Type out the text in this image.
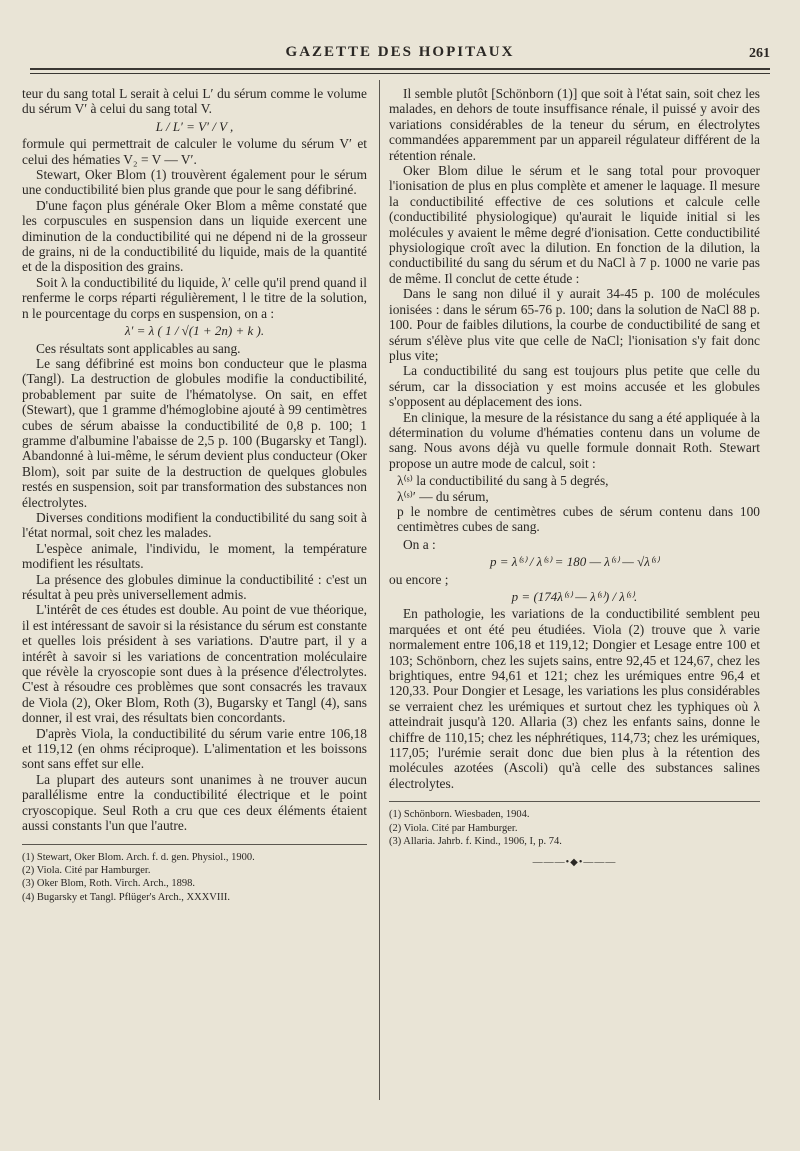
GAZETTE DES HOPITAUX	261

teur du sang total L serait à celui L′ du sérum comme le volume du sérum V′ à celui du sang total V.

L / L′ = V′ / V ,

formule qui permettrait de calculer le volume du sérum V′ et celui des hématies V₂ = V — V′.

Stewart, Oker Blom (1) trouvèrent également pour le sérum une conductibilité bien plus grande que pour le sang défibriné.

D'une façon plus générale Oker Blom a même constaté que les corpuscules en suspension dans un liquide exercent une diminution de la conductibilité qui ne dépend ni de la grosseur de grains, ni de la conductibilité du liquide, mais de la quantité et de la disposition des grains.

Soit λ la conductibilité du liquide, λ′ celle qu'il prend quand il renferme le corps réparti régulièrement, l le titre de la solution, n le pourcentage du corps en suspension, on a :

λ′ = λ ( 1 / √(1 + 2n) + k ).

Ces résultats sont applicables au sang.

Le sang défibriné est moins bon conducteur que le plasma (Tangl). La destruction de globules modifie la conductibilité, probablement par suite de l'hématolyse. On sait, en effet (Stewart), que 1 gramme d'hémoglobine ajouté à 99 centimètres cubes de sérum abaisse la conductibilité de 0,8 p. 100; 1 gramme d'albumine l'abaisse de 2,5 p. 100 (Bugarsky et Tangl). Abandonné à lui-même, le sérum devient plus conducteur (Oker Blom), soit par suite de la destruction de quelques globules restés en suspension, soit par transformation des substances non électrolytes.

Diverses conditions modifient la conductibilité du sang soit à l'état normal, soit chez les malades.

L'espèce animale, l'individu, le moment, la température modifient les résultats.

La présence des globules diminue la conductibilité : c'est un résultat à peu près universellement admis.

L'intérêt de ces études est double. Au point de vue théorique, il est intéressant de savoir si la résistance du sérum est constante et quelles lois président à ses variations. D'autre part, il y a intérêt à savoir si les variations de concentration moléculaire que révèle la cryoscopie sont dues à la présence d'électrolytes. C'est à résoudre ces problèmes que sont consacrés les travaux de Viola (2), Oker Blom, Roth (3), Bugarsky et Tangl (4), sans donner, il est vrai, des résultats bien concordants.

D'après Viola, la conductibilité du sérum varie entre 106,18 et 119,12 (en ohms réciproque). L'alimentation et les boissons sont sans effet sur elle.

La plupart des auteurs sont unanimes à ne trouver aucun parallélisme entre la conductibilité électrique et le point cryoscopique. Seul Roth a cru que ces deux éléments étaient aussi constants l'un que l'autre.

(1) Stewart, Oker Blom. Arch. f. d. gen. Physiol., 1900.

(2) Viola. Cité par Hamburger.

(3) Oker Blom, Roth. Virch. Arch., 1898.

(4) Bugarsky et Tangl. Pflüger's Arch., XXXVIII.

Il semble plutôt [Schönborn (1)] que soit à l'état sain, soit chez les malades, en dehors de toute insuffisance rénale, il puissé y avoir des variations considérables de la teneur du sérum, en électrolytes commandées apparemment par un appareil régulateur différent de la rétention rénale.

Oker Blom dilue le sérum et le sang total pour provoquer l'ionisation de plus en plus complète et amener le laquage. Il mesure la conductibilité effective de ces solutions et calcule celle (conductibilité physiologique) qu'aurait le liquide initial si les molécules y avaient le même degré d'ionisation. Cette conductibilité physiologique croît avec la dilution. En fonction de la dilution, la conductibilité du sang du sérum et du NaCl à 7 p. 1000 ne varie pas de même. Il conclut de cette étude :

Dans le sang non dilué il y aurait 34-45 p. 100 de molécules ionisées : dans le sérum 65-76 p. 100; dans la solution de NaCl 88 p. 100. Pour de faibles dilutions, la courbe de conductibilité de sang et sérum s'élève plus vite que celle de NaCl; l'ionisation s'y fait donc plus vite;

La conductibilité du sang est toujours plus petite que celle du sérum, car la dissociation y est moins accusée et les globules s'opposent au déplacement des ions.

En clinique, la mesure de la résistance du sang a été appliquée à la détermination du volume d'hématies contenu dans un volume de sang. Nous avons déjà vu quelle formule donnait Roth. Stewart propose un autre mode de calcul, soit :

λ⁽ˢ⁾ la conductibilité du sang à 5 degrés,
λ⁽ˢ⁾′ — du sérum,
p le nombre de centimètres cubes de sérum contenu dans 100 centimètres cubes de sang.

On a :

p = λ⁽ˢ⁾ / λ⁽ˢ⁾ = 180 — λ⁽ˢ⁾ — √λ⁽ˢ⁾

ou encore ;

p = (174λ⁽ˢ⁾ — λ⁽ˢ⁾) / λ⁽ˢ⁾.

En pathologie, les variations de la conductibilité semblent peu marquées et ont été peu étudiées. Viola (2) trouve que λ varie normalement entre 106,18 et 119,12; Dongier et Lesage entre 100 et 103; Schönborn, chez les sujets sains, entre 92,45 et 124,67, chez les brightiques, entre 94,61 et 121; chez les urémiques entre 96,4 et 120,33. Pour Dongier et Lesage, les variations les plus considérables se verraient chez les urémiques et surtout chez les typhiques où λ atteindrait jusqu'à 120. Allaria (3) chez les enfants sains, donne le chiffre de 110,15; chez les néphrétiques, 114,73; chez les urémiques, 117,05; l'urémie serait donc due bien plus à la rétention des molécules azotées (Ascoli) qu'à celle des substances salines électrolytes.

(1) Schönborn. Wiesbaden, 1904.

(2) Viola. Cité par Hamburger.

(3) Allaria. Jahrb. f. Kind., 1906, I, p. 74.

———•◆•———
